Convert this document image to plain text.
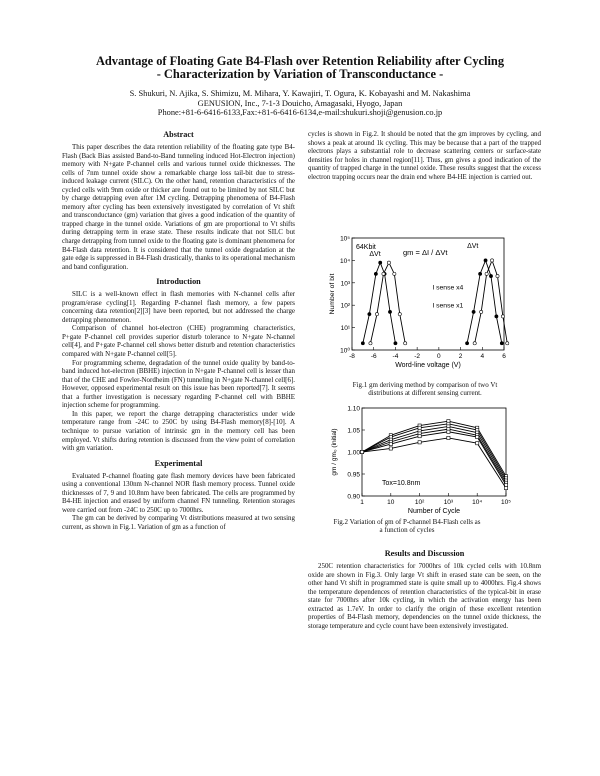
Advantage of Floating Gate B4-Flash over Retention Reliability after Cycling
- Characterization by Variation of Transconductance -
S. Shukuri, N. Ajika, S. Shimizu, M. Mihara, Y. Kawajiri, T. Ogura, K. Kobayashi and M. Nakashima
GENUSION, Inc., 7-1-3 Douicho, Amagasaki, Hyogo, Japan
Phone:+81-6-6416-6133,Fax:+81-6-6416-6134,e-mail:shukuri.shoji@genusion.co.jp
Abstract

This paper describes the data retention reliability of the floating gate type B4-Flash (Back Bias assisted Band-to-Band tunneling induced Hot-Electron injection) memory with N+gate P-channel cells and various tunnel oxide thicknesses. The cells of 7nm tunnel oxide show a remarkable charge loss tail-bit due to stress-induced leakage current (SILC). On the other hand, retention characteristics of the cycled cells with 9nm oxide or thicker are found out to be limited by not SILC but by charge detrapping even after 1M cycling. Detrapping phenomena of B4-Flash memory after cycling has been extensively investigated by correlation of Vt shift and transconductance (gm) variation that gives a good indication of the quantity of trapped charge in the tunnel oxide. Variations of gm are proportional to Vt shifts during detrapping term in erase state. These results indicate that not SILC but charge detrapping from tunnel oxide to the floating gate is dominant phenomena for B4-Flash data retention. It is considered that the tunnel oxide degradation at the gate edge is suppressed in B4-Flash drastically, thanks to its operational mechanism and band configuration.

Introduction

SILC is a well-known effect in flash memories with N-channel cells after program/erase cycling[1]. Regarding P-channel flash memory, a few papers concerning data retention[2][3] have been reported, but not addressed the charge detrapping phenomenon.

Comparison of channel hot-electron (CHE) programming characteristics, P+gate P-channel cell provides superior disturb tolerance to N+gate N-channel cell[4], and P+gate P-channel cell shows better disturb and retention characteristics compared with N+gate P-channel cell[5].

For programming scheme, degradation of the tunnel oxide quality by band-to-band induced hot-electron (BBHE) injection in N+gate P-channel cell is lesser than that of the CHE and Fowler-Nordheim (FN) tunneling in N+gate N-channel cell[6]. However, opposed experimental result on this issue has been reported[7]. It seems that a further investigation is necessary regarding P-channel cell with BBHE injection scheme for programming.

In this paper, we report the charge detrapping characteristics under wide temperature range from -24C to 250C by using B4-Flash memory[8]-[10]. A technique to pursue variation of intrinsic gm in the memory cell has been employed. Vt shifts during retention is discussed from the view point of correlation with gm variation.

Experimental

Evaluated P-channel floating gate flash memory devices have been fabricated using a conventional 130nm N-channel NOR flash memory process. Tunnel oxide thicknesses of 7, 9 and 10.8nm have been fabricated. The cells are programmed by B4-HE injection and erased by uniform channel FN tunneling. Retention storages were carried out from -24C to 250C up to 7000hrs.

The gm can be derived by comparing Vt distributions measured at two sensing current, as shown in Fig.1. Variation of gm as a function of

cycles is shown in Fig.2. It should be noted that the gm improves by cycling, and shows a peak at around 1k cycling. This may be because that a part of the trapped electrons plays a substantial role to decrease scattering centers or surface-state densities for holes in channel region[11]. Thus, gm gives a good indication of the quantity of trapped charge in the tunnel oxide. These results suggest that the excess electron trapping occurs near the drain end where B4-HE injection is carried out.

10⁵
10⁴
10³
10²
10¹
10⁰
-8 -6 -4 -2	0	2	4	6
Number of bit
Word-line voltage (V)
64Kbit
gm = ΔI / ΔVt
ΔVt
ΔVt
I sense x4
I sense x1
Fig.1 gm deriving method by comparison of two Vt
distributions at different sensing current.
0.90
0.95
1.00
1.05
1.10
1	10	10²	10³	10⁴	10⁵
gm / gm₀ (initial)
Number of Cycle
Tox=10.8nm
Fig.2 Variation of gm of P-channel B4-Flash cells as
a function of cycles
Results and Discussion

250C retention characteristics for 7000hrs of 10k cycled cells with 10.8nm oxide are shown in Fig.3. Only large Vt shift in erased state can be seen, on the other hand Vt shift in programmed state is quite small up to 4000hrs. Fig.4 shows the temperature dependences of retention characteristics of the typical-bit in erase state for 7000hrs after 10k cycling, in which the activation energy has been extracted as 1.7eV. In order to clarify the origin of these excellent retention properties of B4-Flash memory, dependencies on the tunnel oxide thickness, the storage temperature and cycle count have been extensively investigated.
